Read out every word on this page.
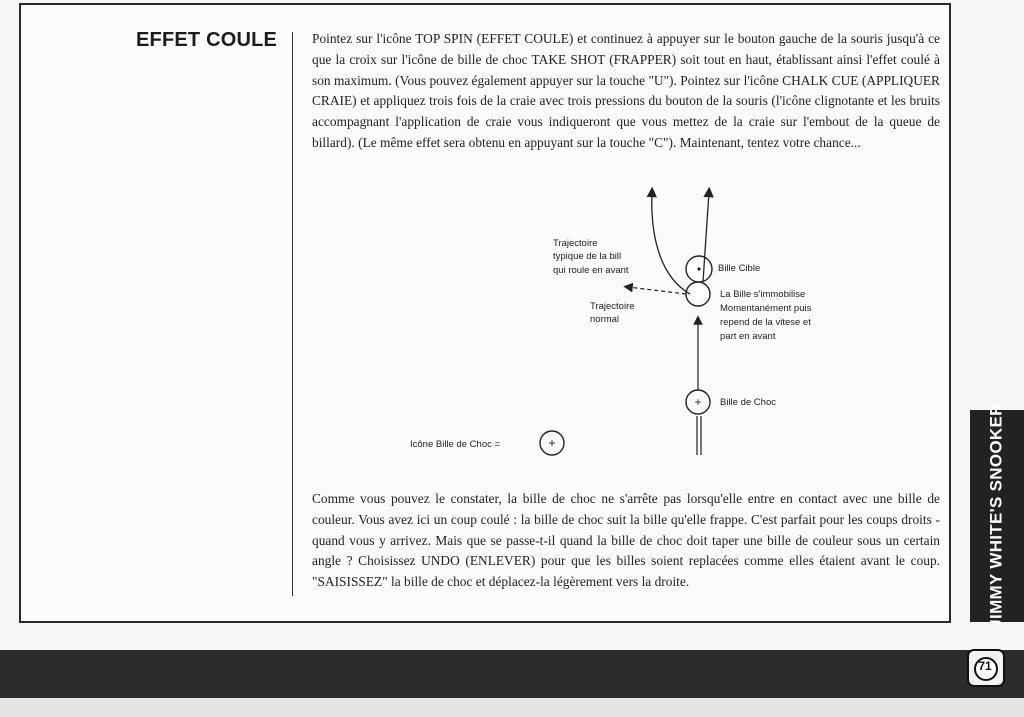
EFFET COULE	Pointez sur l'icône TOP SPIN (EFFET COULE) et continuez à appuyer sur le bouton gauche de la souris jusqu'à ce que la croix sur l'icône de bille de choc TAKE SHOT (FRAPPER) soit tout en haut, établissant ainsi l'effet coulé à son maximum. (Vous pouvez également appuyer sur la touche "U"). Pointez sur l'icône CHALK CUE (APPLIQUER CRAIE) et appliquez trois fois de la craie avec trois pressions du bouton de la souris (l'icône clignotante et les bruits accompagnant l'application de craie vous indiqueront que vous mettez de la craie sur l'embout de la queue de billard). (Le même effet sera obtenu en appuyant sur la touche "C"). Maintenant, tentez votre chance...

+
Trajectoire
typique de la bill
qui roule en avant
Trajectoire
normal
Bille Cible
La Bille s'immobilise
Momentanément puis
repend de la vitese et
part en avant
Bille de Choc
Icône Bille de Choc =	+

Comme vous pouvez le constater, la bille de choc ne s'arrête pas lorsqu'elle entre en contact avec une bille de couleur. Vous avez ici un coup coulé : la bille de choc suit la bille qu'elle frappe. C'est parfait pour les coups droits - quand vous y arrivez. Mais que se passe-t-il quand la bille de choc doit taper une bille de couleur sous un certain angle ? Choisissez UNDO (ENLEVER) pour que les billes soient replacées comme elles étaient avant le coup. "SAISISSEZ" la bille de choc et déplacez-la légèrement vers la droite.	JIMMY WHITE'S SNOOKER
71
